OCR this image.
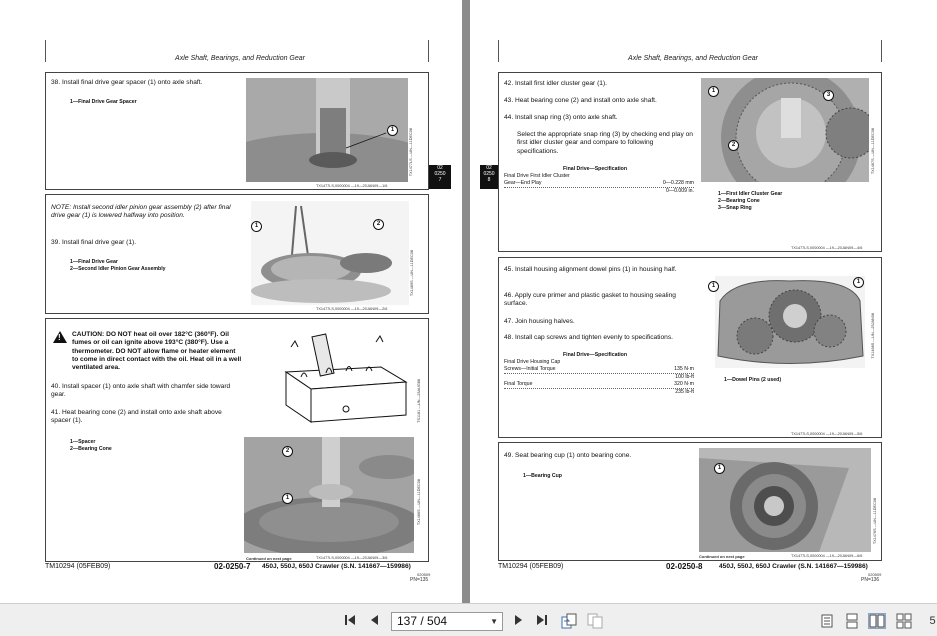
Axle Shaft, Bearings, and Reduction Gear
38. Install final drive gear spacer (1) onto axle shaft.
1—Final Drive Gear Spacer
1	TX1477LS —UN—11DEC08
TX1477LS,0000004 —19—20JAN09—1/6
NOTE: Install second idler pinion gear assembly (2) after final drive gear (1) is lowered halfway into position.
39. Install final drive gear (1).
1—Final Drive Gear
2—Second Idler Pinion Gear Assembly
1	2
TX1469S —UN—11DEC08
TX1477LS,0000004 —19—20JAN09—2/6
!
CAUTION: DO NOT heat oil over 182°C (360°F). Oil fumes or oil can ignite above 193°C (380°F). Use a thermometer. DO NOT allow flame or heater element to come in direct contact with the oil. Heat oil in a well ventilated area.
40. Install spacer (1) onto axle shaft with chamfer side toward gear.
41. Heat bearing cone (2) and install onto axle shaft above spacer (1).
1—Spacer
2—Bearing Cone
TS1181 —UN—23AUG88
2
1	TX1466S —UN—11DEC08
Continued on next page	TX1477LS,0000004 —19—20JAN09—3/6
02
0250
7
TM10294 (05FEB09)	02-0250-7 450J, 550J, 650J Crawler (S.N. 141667—159986)
020509
PN=135
Axle Shaft, Bearings, and Reduction Gear
02
0250
8
42. Install first idler cluster gear (1).
43. Heat bearing cone (2) and install onto axle shaft.
44. Install snap ring (3) onto axle shaft.
Select the appropriate snap ring (3) by checking end play on first idler cluster gear and compare to following specifications.
Final Drive—Specification
Final Drive First Idler Cluster
Gear—End Play	0—0.228 mm
0—0.009 in.
1
2
3
TX1467S —UN—11DEC08
1—First Idler Cluster Gear
2—Bearing Cone
3—Snap Ring
TX1477LS,0000004 —19—20JAN09—4/6
45. Install housing alignment dowel pins (1) in housing half.
46. Apply cure primer and plastic gasket to housing sealing surface.
47. Join housing halves.
48. Install cap screws and tighten evenly to specifications.
Final Drive—Specification
Final Drive Housing Cap
Screws—Initial Torque	135 N·m
100 lb-ft
Final Torque	320 N·m
235 lb-ft
1
1
TX1468S —UN—25JAN08
1—Dowel Pins (2 used)
TX1477LS,0000004 —19—20JAN09—5/6
49. Seat bearing cup (1) onto bearing cone.
1—Bearing Cup
1
TX1476S —UN—11DEC08
Continued on next page	TX1477LS,0000004 —19—20JAN09—6/6
TM10294 (05FEB09)	02-0250-8	450J, 550J, 650J Crawler (S.N. 141667—159986)
020509
PN=136
137 / 504	▼	5
